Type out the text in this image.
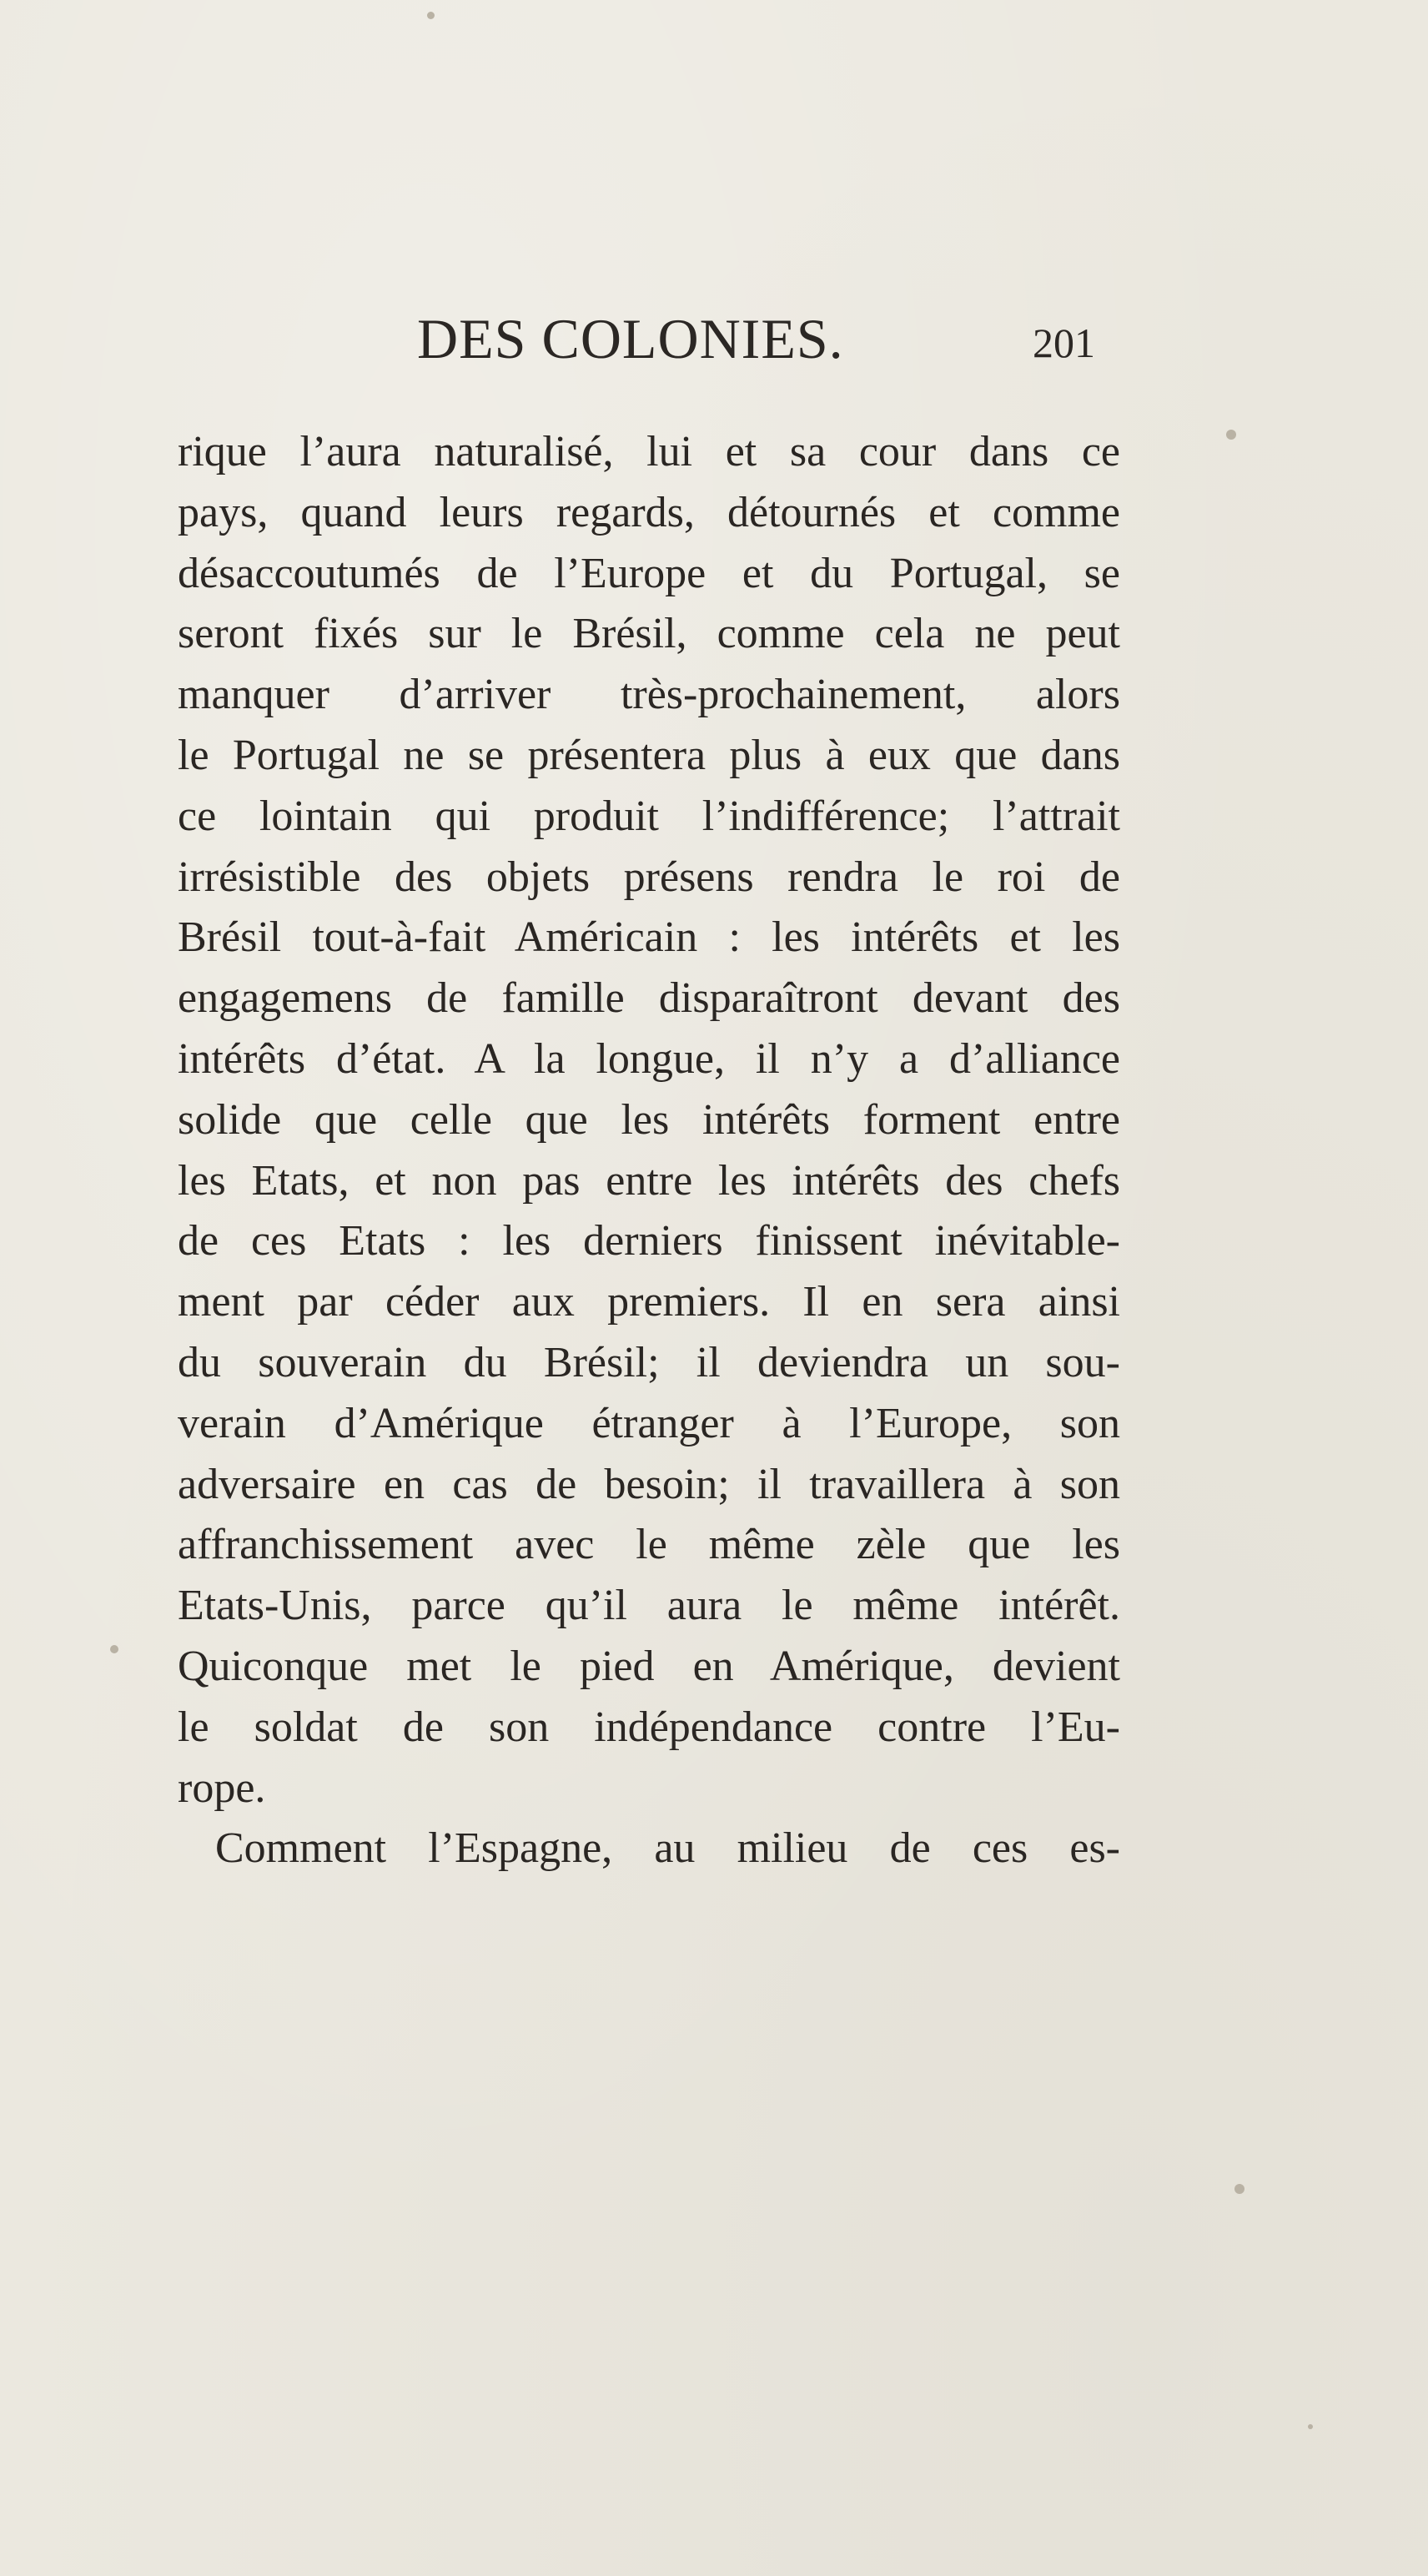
DES COLONIES.	201
rique l’aura naturalisé, lui et sa cour dans ce
pays, quand leurs regards, détournés et comme
désaccoutumés de l’Europe et du Portugal, se
seront fixés sur le Brésil, comme cela ne peut
manquer d’arriver très-prochainement, alors
le Portugal ne se présentera plus à eux que dans
ce lointain qui produit l’indifférence; l’attrait
irrésistible des objets présens rendra le roi de
Brésil tout-à-fait Américain : les intérêts et les
engagemens de famille disparaîtront devant des
intérêts d’état. A la longue, il n’y a d’alliance
solide que celle que les intérêts forment entre
les Etats, et non pas entre les intérêts des chefs
de ces Etats : les derniers finissent inévitable-
ment par céder aux premiers. Il en sera ainsi
du souverain du Brésil; il deviendra un sou-
verain d’Amérique étranger à l’Europe, son
adversaire en cas de besoin; il travaillera à son
affranchissement avec le même zèle que les
Etats-Unis, parce qu’il aura le même intérêt.
Quiconque met le pied en Amérique, devient
le soldat de son indépendance contre l’Eu-
rope.
Comment l’Espagne, au milieu de ces es-
